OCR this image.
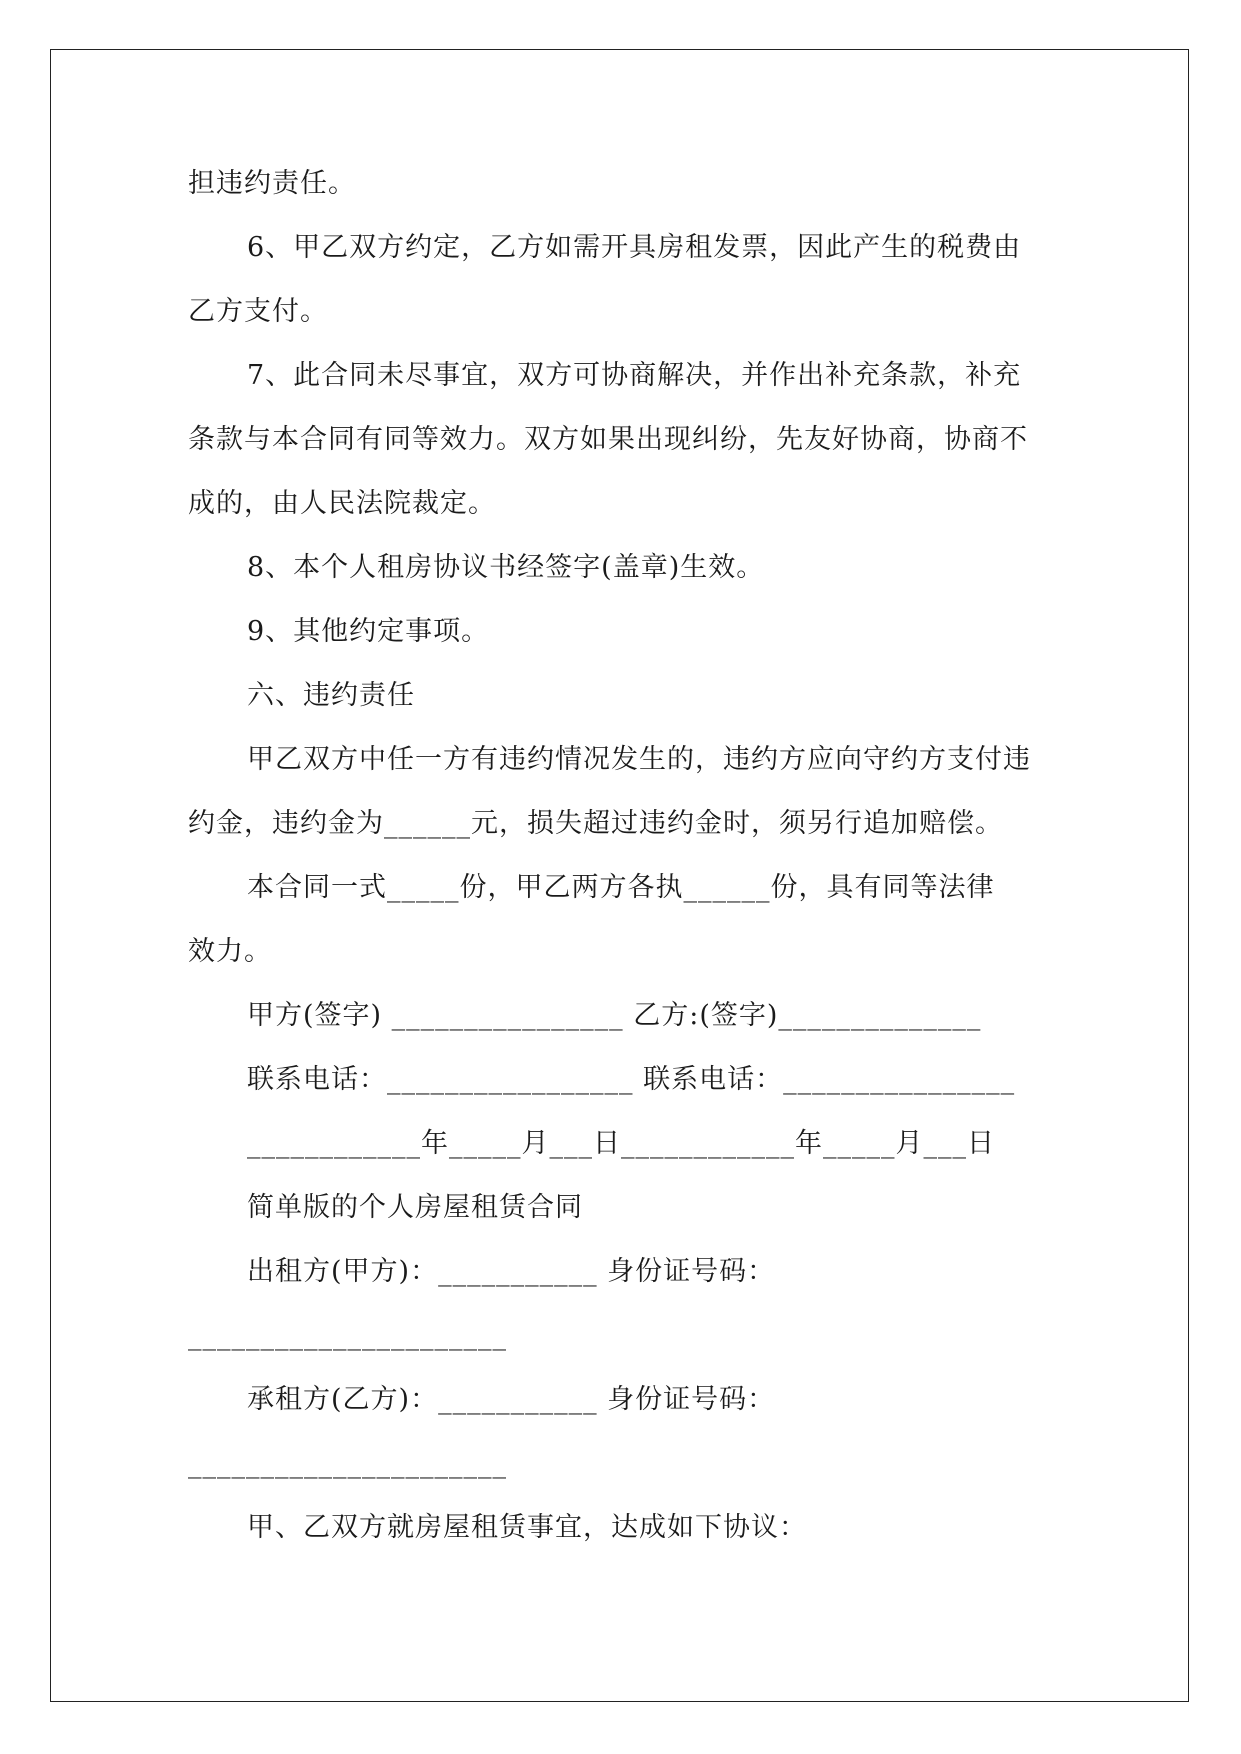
担违约责任。
6、甲乙双方约定，乙方如需开具房租发票，因此产生的税费由
乙方支付。
7、此合同未尽事宜，双方可协商解决，并作出补充条款，补充
条款与本合同有同等效力。双方如果出现纠纷，先友好协商，协商不
成的，由人民法院裁定。
8、本个人租房协议书经签字(盖章)生效。
9、其他约定事项。
六、违约责任
甲乙双方中任一方有违约情况发生的，违约方应向守约方支付违
约金，违约金为______元，损失超过违约金时，须另行追加赔偿。
本合同一式_____份，甲乙两方各执______份，具有同等法律
效力。
甲方(签字) ________________ 乙方:(签字)______________
联系电话：_________________ 联系电话：________________
____________年_____月___日____________年_____月___日
简单版的个人房屋租赁合同
出租方(甲方)：___________ 身份证号码：
______________________
承租方(乙方)：___________ 身份证号码：
______________________
甲、乙双方就房屋租赁事宜，达成如下协议：
